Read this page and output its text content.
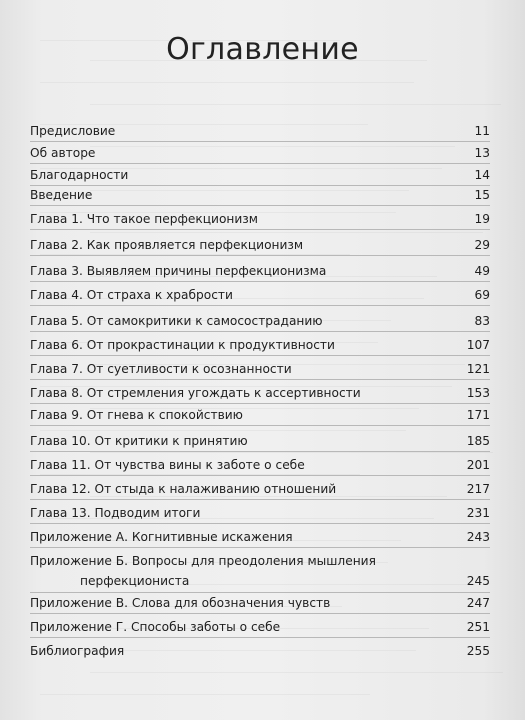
Оглавление
Предисловие	11
Об авторе	13
Благодарности	14
Введение	15
Глава 1. Что такое перфекционизм	19
Глава 2. Как проявляется перфекционизм	29
Глава 3. Выявляем причины перфекционизма	49
Глава 4. От страха к храбрости	69
Глава 5. От самокритики к самосостраданию	83
Глава 6. От прокрастинации к продуктивности	107
Глава 7. От суетливости к осознанности	121
Глава 8. От стремления угождать к ассертивности	153
Глава 9. От гнева к спокойствию	171
Глава 10. От критики к принятию	185
Глава 11. От чувства вины к заботе о себе	201
Глава 12. От стыда к налаживанию отношений	217
Глава 13. Подводим итоги	231
Приложение А. Когнитивные искажения	243
Приложение Б. Вопросы для преодоления мышления
перфекциониста	245
Приложение В. Слова для обозначения чувств	247
Приложение Г. Способы заботы о себе	251
Библиография	255
